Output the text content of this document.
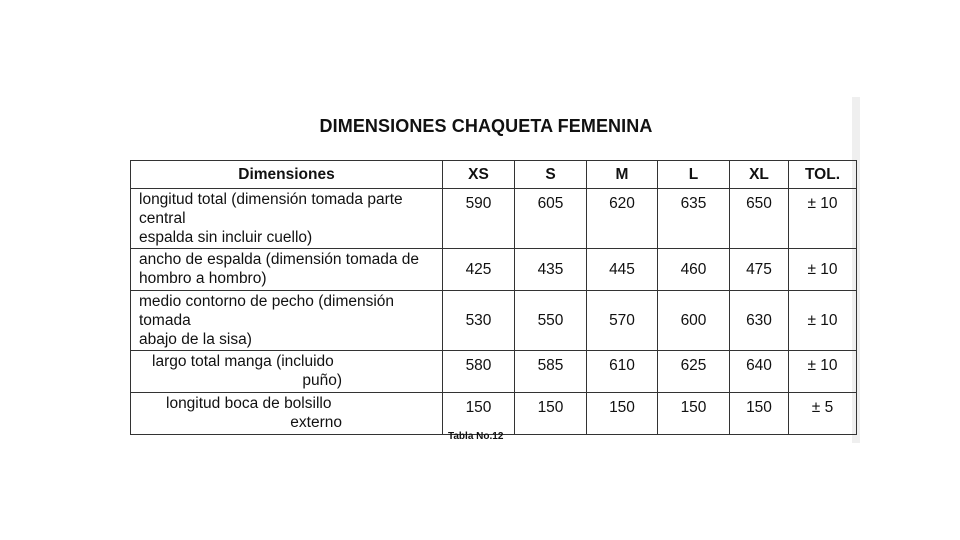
DIMENSIONES CHAQUETA FEMENINA
Dimensiones	XS	S	M	L	XL	TOL.

longitud total (dimensión tomada parte
central
espalda sin incluir cuello)	590	605	620	635	650	± 10

ancho de espalda (dimensión tomada de
hombro a hombro)	425	435	445	460	475	± 10

medio contorno de pecho (dimensión
tomada
abajo de la sisa)	530	550	570	600	630	± 10

largo total manga (incluido
puño)	580	585	610	625	640	± 10

longitud boca de bolsillo
externo	150	150	150	150	150	± 5
Tabla No.12
